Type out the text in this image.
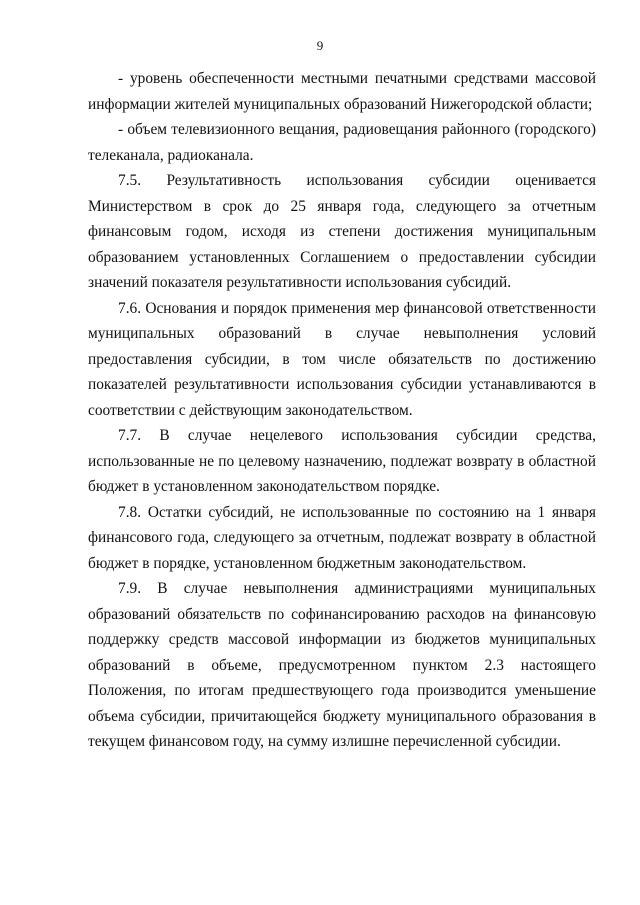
9

- уровень обеспеченности местными печатными средствами массовой информации жителей муниципальных образований Нижегородской области;

- объем телевизионного вещания, радиовещания районного (городского) телеканала, радиоканала.

7.5. Результативность использования субсидии оценивается Министерством в срок до 25 января года, следующего за отчетным финансовым годом, исходя из степени достижения муниципальным образованием установленных Соглашением о предоставлении субсидии значений показателя результативности использования субсидий.

7.6. Основания и порядок применения мер финансовой ответственности муниципальных образований в случае невыполнения условий предоставления субсидии, в том числе обязательств по достижению показателей результативности использования субсидии устанавливаются в соответствии с действующим законодательством.

7.7. В случае нецелевого использования субсидии средства, использованные не по целевому назначению, подлежат возврату в областной бюджет в установленном законодательством порядке.

7.8. Остатки субсидий, не использованные по состоянию на 1 января финансового года, следующего за отчетным, подлежат возврату в областной бюджет в порядке, установленном бюджетным законодательством.

7.9. В случае невыполнения администрациями муниципальных образований обязательств по софинансированию расходов на финансовую поддержку средств массовой информации из бюджетов муниципальных образований в объеме, предусмотренном пунктом 2.3 настоящего Положения, по итогам предшествующего года производится уменьшение объема субсидии, причитающейся бюджету муниципального образования в текущем финансовом году, на сумму излишне перечисленной субсидии.
